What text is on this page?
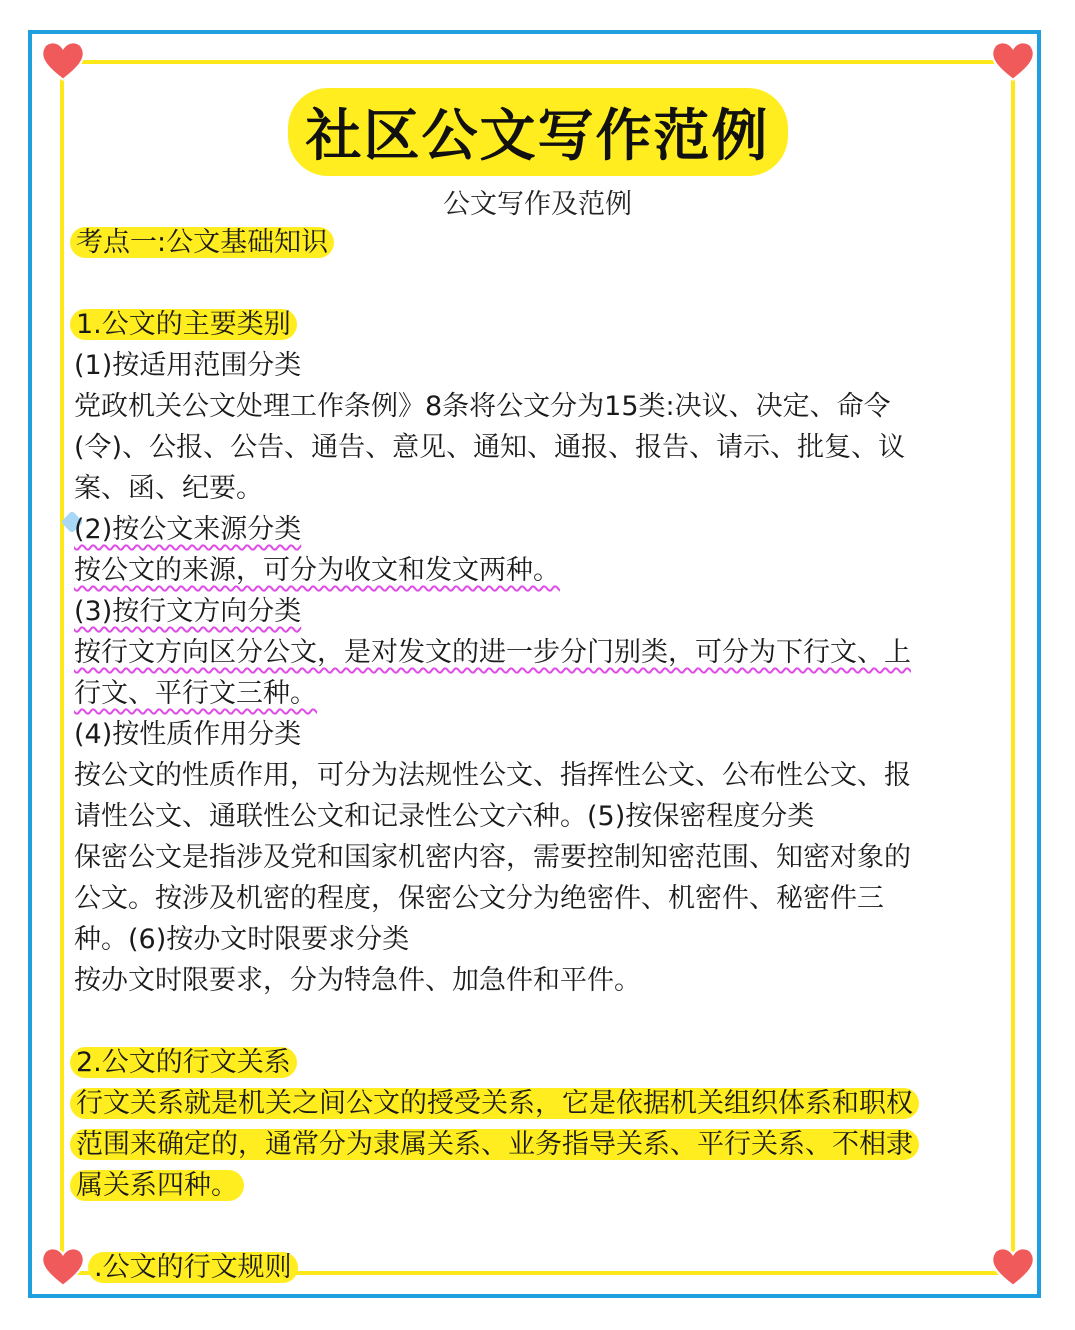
社区公文写作范例
公文写作及范例
考点一:公文基础知识
1.公文的主要类别
(1)按适用范围分类
党政机关公文处理工作条例》8条将公文分为15类:决议、决定、命令
(令)、公报、公告、通告、意见、通知、通报、报告、请示、批复、议
案、函、纪要。
(2)按公文来源分类
按公文的来源，可分为收文和发文两种。
(3)按行文方向分类
按行文方向区分公文，是对发文的进一步分门别类，可分为下行文、上
行文、平行文三种。
(4)按性质作用分类
按公文的性质作用，可分为法规性公文、指挥性公文、公布性公文、报
请性公文、通联性公文和记录性公文六种。(5)按保密程度分类
保密公文是指涉及党和国家机密内容，需要控制知密范围、知密对象的
公文。按涉及机密的程度，保密公文分为绝密件、机密件、秘密件三
种。(6)按办文时限要求分类
按办文时限要求，分为特急件、加急件和平件。
2.公文的行文关系
行文关系就是机关之间公文的授受关系，它是依据机关组织体系和职权
范围来确定的，通常分为隶属关系、业务指导关系、平行关系、不相隶
属关系四种。
.公文的行文规则
